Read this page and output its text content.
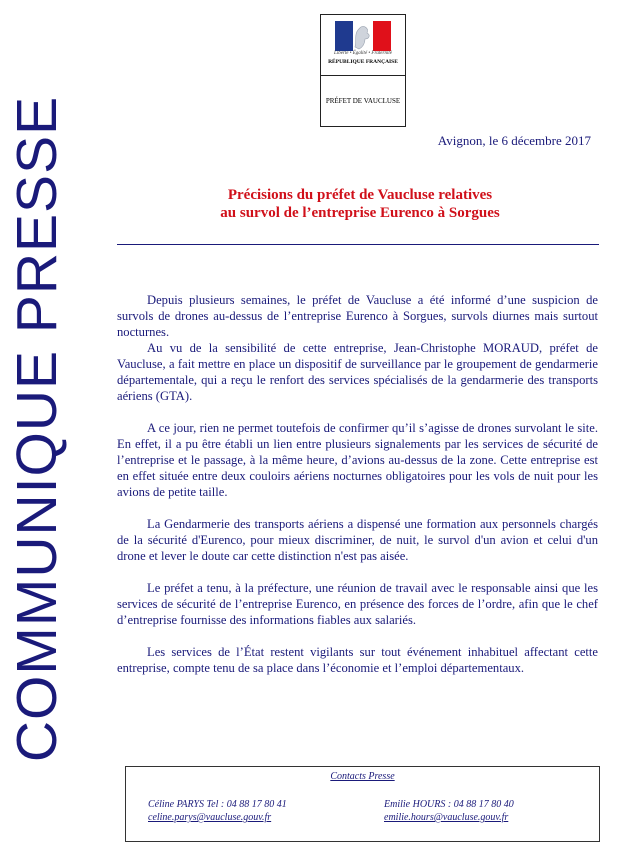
COMMUNIQUE PRESSE
Liberté • Égalité • Fraternité
RÉPUBLIQUE FRANÇAISE
PRÉFET DE VAUCLUSE
Avignon, le 6 décembre 2017
Précisions du préfet de Vaucluse relatives
au survol de l’entreprise Eurenco à Sorgues

Depuis plusieurs semaines, le préfet de Vaucluse a été informé d’une suspicion de survols de drones au-dessus de l’entreprise Eurenco à Sorgues, survols diurnes mais surtout nocturnes.

Au vu de la sensibilité de cette entreprise, Jean-Christophe MORAUD, préfet de Vaucluse, a fait mettre en place un dispositif de surveillance par le groupement de gendarmerie départementale, qui a reçu le renfort des services spécialisés de la gendarmerie des transports aériens (GTA).

A ce jour, rien ne permet toutefois de confirmer qu’il s’agisse de drones survolant le site. En effet, il a pu être établi un lien entre plusieurs signalements par les services de sécurité de l’entreprise et le passage, à la même heure, d’avions au-dessus de la zone. Cette entreprise est en effet située entre deux couloirs aériens nocturnes obligatoires pour les vols de nuit pour les avions de petite taille.

La Gendarmerie des transports aériens a dispensé une formation aux personnels chargés de la sécurité d'Eurenco, pour mieux discriminer, de nuit, le survol d'un avion et celui d'un drone et lever le doute car cette distinction n'est pas aisée.

Le préfet a tenu, à la préfecture, une réunion de travail avec le responsable ainsi que les services de sécurité de l’entreprise Eurenco, en présence des forces de l’ordre, afin que le chef d’entreprise fournisse des informations fiables aux salariés.

Les services de l’État restent vigilants sur tout événement inhabituel affectant cette entreprise, compte tenu de sa place dans l’économie et l’emploi départementaux.

Contacts Presse
Céline PARYS Tel : 04 88 17 80 41
celine.parys@vaucluse.gouv.fr
Emilie HOURS : 04 88 17 80 40
emilie.hours@vaucluse.gouv.fr
